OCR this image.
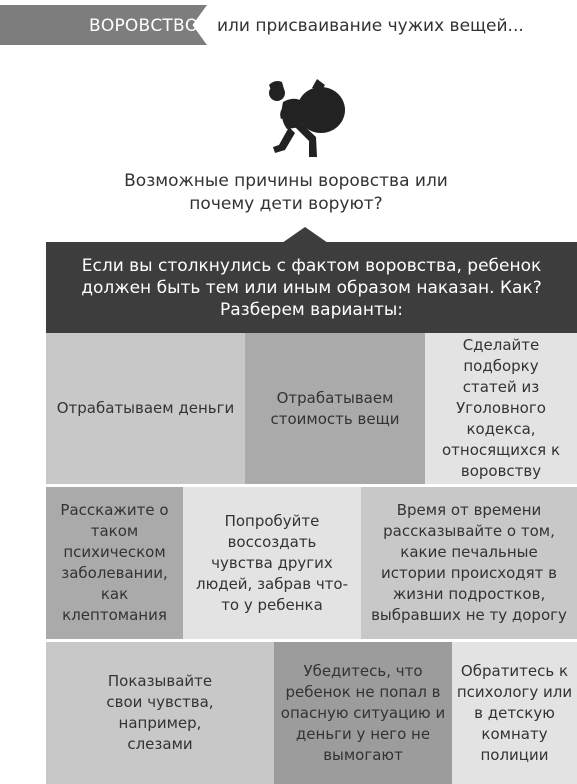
ВОРОВСТВО или присваивание чужих вещей...
Возможные причины воровства или почему дети воруют?
Если вы столкнулись с фактом воровства, ребенок должен быть тем или иным образом наказан. Как? Разберем варианты:
Отрабатываем деньги
Отрабатываем стоимость вещи
Сделайте подборку статей из Уголовного кодекса, относящихся к воровству
Расскажите о таком психическом заболевании, как клептомания
Попробуйте воссоздать чувства других людей, забрав что-то у ребенка
Время от времени рассказывайте о том, какие печальные истории происходят в жизни подростков, выбравших не ту дорогу
Показывайте свои чувства, например, слезами
Убедитесь, что ребенок не попал в опасную ситуацию и деньги у него не вымогают
Обратитесь к психологу или в детскую комнату полиции
